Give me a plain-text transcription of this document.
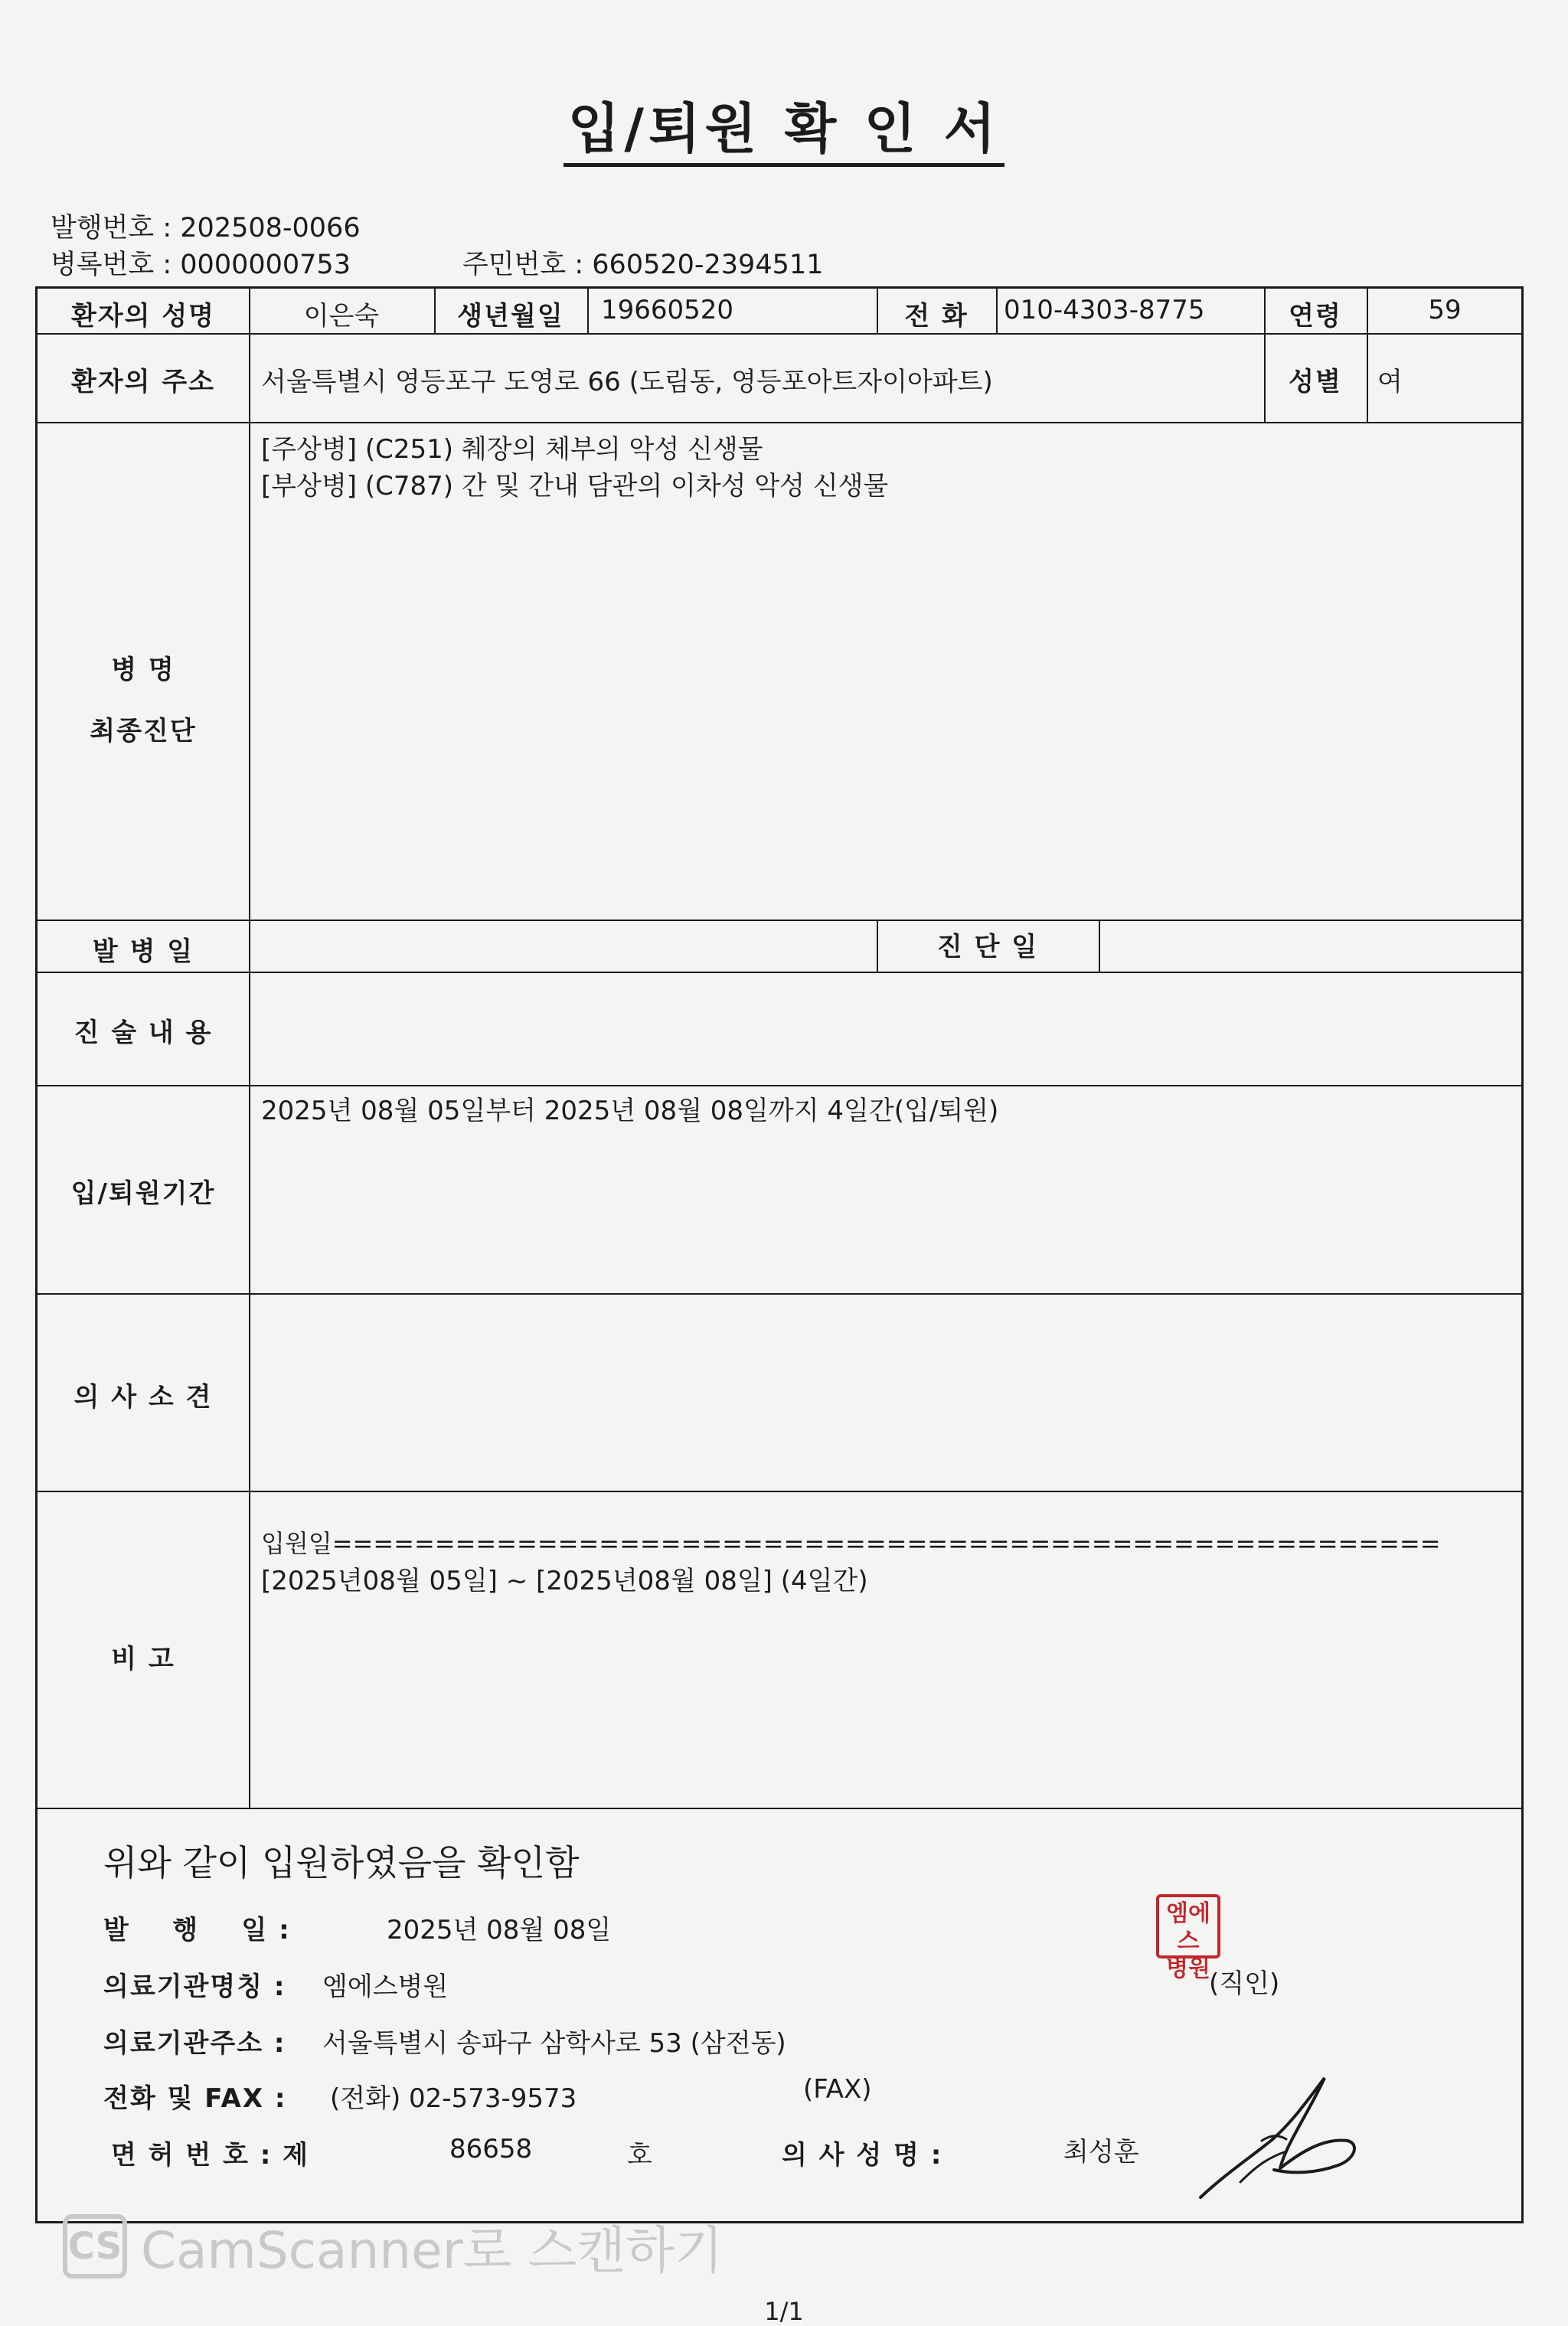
입/퇴원 확 인 서
발행번호 : 202508-0066
병록번호 : 0000000753	주민번호 : 660520-2394511
환자의 성명	이은숙	생년월일	19660520	전 화	010-4303-8775	연령	59
환자의 주소	서울특별시 영등포구 도영로 66 (도림동, 영등포아트자이아파트)	성별	여
병 명
최종진단
[주상병] (C251) 췌장의 체부의 악성 신생물
[부상병] (C787) 간 및 간내 담관의 이차성 악성 신생물
발 병 일	진 단 일
진 술 내 용
입/퇴원기간
2025년 08월 05일부터 2025년 08월 08일까지 4일간(입/퇴원)
의 사 소 견
비 고
입원일======================================================
[2025년08월 05일] ~ [2025년08월 08일] (4일간)
위와 같이 입원하였음을 확인함
발    행    일 :	2025년 08월 08일
의료기관명칭 : 엠에스병원	(직인)
의료기관주소 : 서울특별시 송파구 삼학사로 53 (삼전동)
전화 및 FAX : (전화) 02-573-9573	(FAX)
면 허 번 호 : 제	86658	호	의 사 성 명 :	최성훈
엠에스
병원
CS CamScanner로 스캔하기
1/1
